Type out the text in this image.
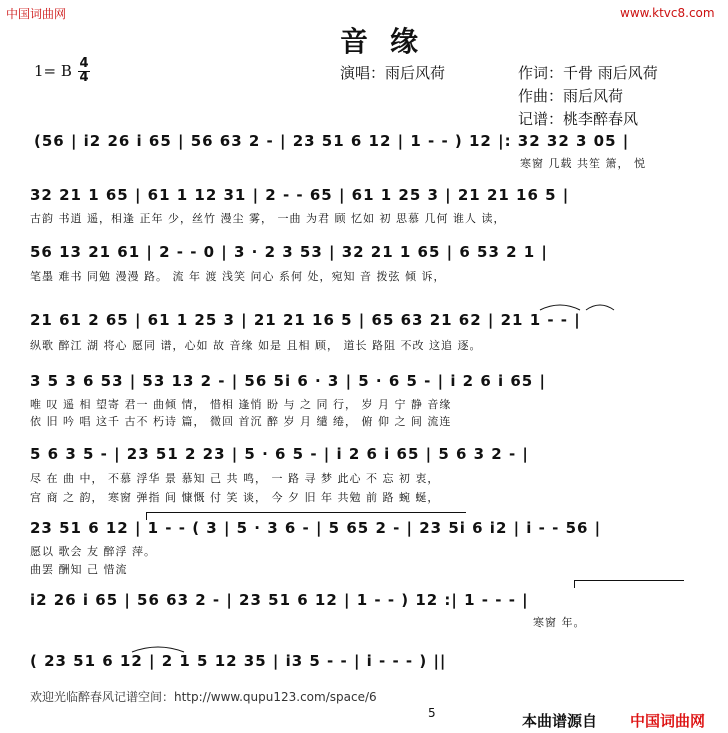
中国词曲网	www.ktvc8.com
音缘
1= B $\frac{4}{4}$	演唱：雨后风荷	作词：千骨 雨后风荷
作曲：雨后风荷
记谱：桃李醉春风
(56 | i2 26 i 65 | 56 63 2 - | 23 51 6 12 | 1 - - ) 12 |: 32 32 3 05 |
寒窗 几载 共笙 箫， 悦
32 21 1 65 | 61 1 12 31 | 2 - - 65 | 61 1 25 3 | 21 21 16 5 |
古韵 书逍 遥，相逢 正年 少，丝竹 漫尘 雾， 一曲 为君 顾 忆如 初 思慕 几何 谁人 读，
56 13 21 61 | 2 - - 0 | 3 · 2 3 53 | 32 21 1 65 | 6 53 2 1 |
笔墨 难书 同勉 漫漫 路。 流 年 渡 浅笑 问心 系何 处，宛知 音 拨弦 倾 诉，
21 61 2 65 | 61 1 25 3 | 21 21 16 5 | 65 63 21 62 | 21 1 - - |
纵歌 醉江 湖 将心 愿同 谱，心如 故 音缘 如是 且相 顾， 道长 路阻 不改 这追 逐。
3 5 3 6 53 | 53 13 2 - | 56 5i 6 · 3 | 5 · 6 5 - | i 2 6 i 65 |
唯 叹 遥 相 望寄 君一 曲倾 情， 惜相 逢悄 盼 与 之 同 行， 岁 月 宁 静 音缘
依 旧 吟 唱 这千 古不 朽诗 篇， 微回 首沉 醉 岁 月 缱 绻， 俯 仰 之 间 流连
5 6 3 5 - | 23 51 2 23 | 5 · 6 5 - | i 2 6 i 65 | 5 6 3 2 - |
尽 在 曲 中， 不慕 浮华 景 慕知 己 共 鸣， 一 路 寻 梦 此心 不 忘 初 衷，
宫 商 之 韵， 寒窗 弹指 间 慷慨 付 笑 谈， 今 夕 旧 年 共勉 前 路 蜿 蜒，
23 51 6 12 | 1 - - ( 3 | 5 · 3 6 - | 5 65 2 - | 23 5i 6 i2 | i - - 56 |
愿以 歌会 友 醉浮 萍。
曲罢 酬知 己 惜流
i2 26 i 65 | 56 63 2 - | 23 51 6 12 | 1 - - ) 12 :| 1 - - - |
寒窗 年。
( 23 51 6 12 | 2 1 5 12 35 | i3 5 - - | i - - - ) ||
欢迎光临醉春风记谱空间：http://www.qupu123.com/space/6
5	本曲谱源自 中国词曲网
